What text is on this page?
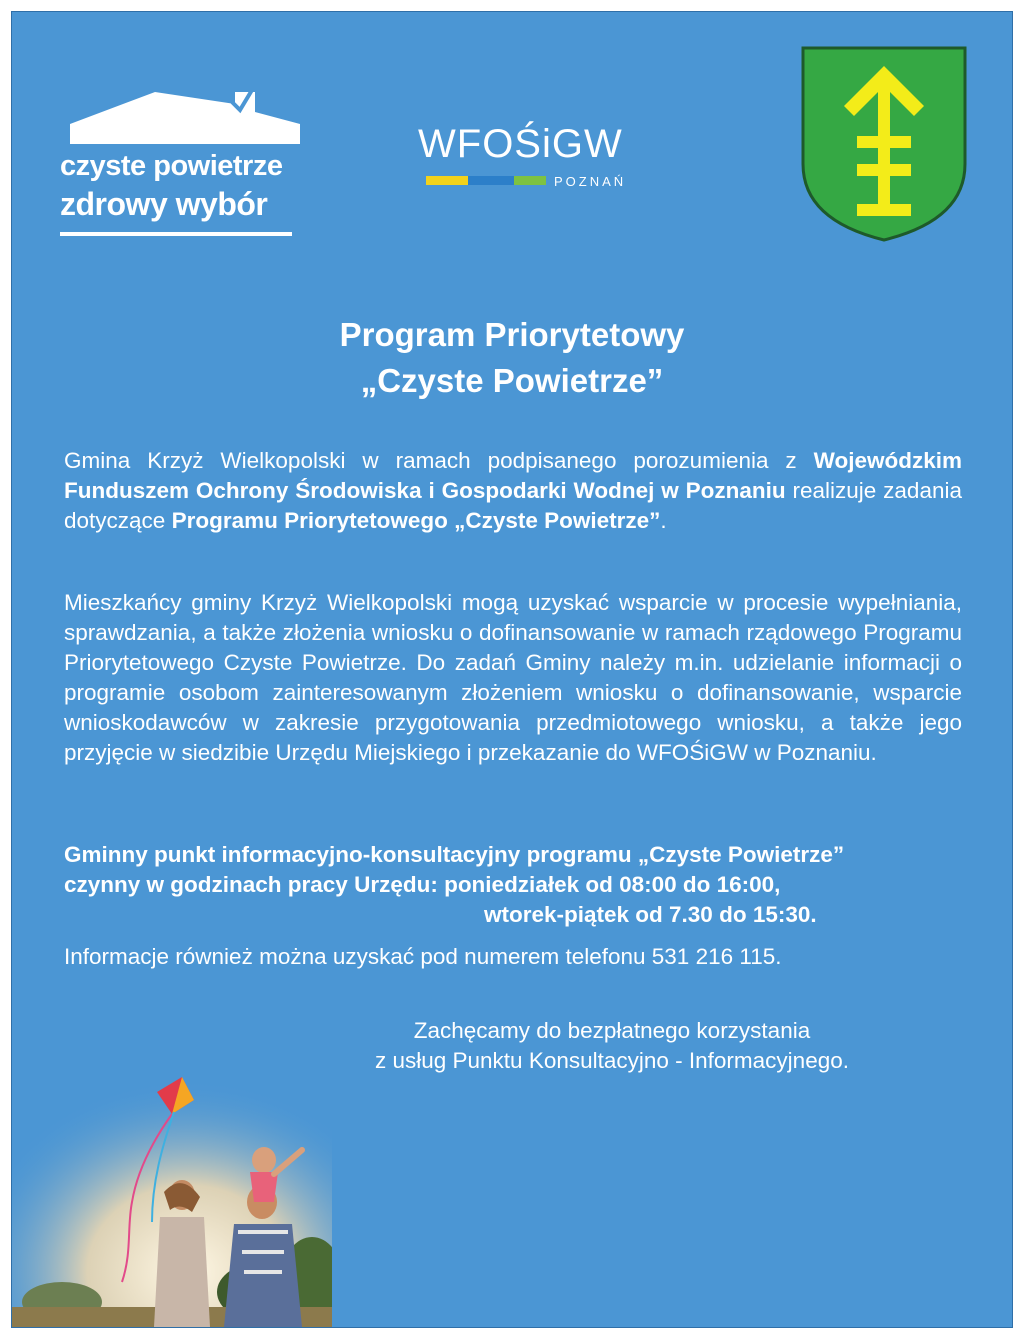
czyste powietrze
zdrowy wybór
WFOŚiGW
POZNAŃ
Program Priorytetowy
„Czyste Powietrze”
Gmina Krzyż Wielkopolski w ramach podpisanego porozumienia z Wojewódzkim Funduszem Ochrony Środowiska i Gospodarki Wodnej w Poznaniu realizuje zadania dotyczące Programu Priorytetowego „Czyste Powietrze”.
Mieszkańcy gminy Krzyż Wielkopolski mogą uzyskać wsparcie w procesie wypełniania, sprawdzania, a także złożenia wniosku o dofinansowanie w ramach rządowego Programu Priorytetowego Czyste Powietrze. Do zadań Gminy należy m.in. udzielanie informacji o programie osobom zainteresowanym złożeniem wniosku o dofinansowanie, wsparcie wnioskodawców w zakresie przygotowania przedmiotowego wniosku, a także jego przyjęcie w siedzibie Urzędu Miejskiego i przekazanie do WFOŚiGW w Poznaniu.
Gminny punkt informacyjno-konsultacyjny programu „Czyste Powietrze”
czynny w godzinach pracy Urzędu: poniedziałek od 08:00 do 16:00,
wtorek-piątek od 7.30 do 15:30.
Informacje również można uzyskać pod numerem telefonu 531 216 115.
Zachęcamy do bezpłatnego korzystania
z usług Punktu Konsultacyjno - Informacyjnego.
